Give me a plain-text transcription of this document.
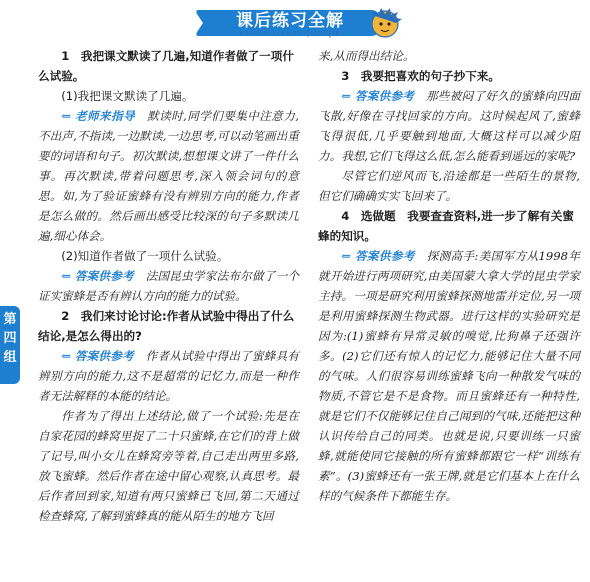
课后练习全解
KEHOU LIANXI QUANJIE
第
四
组

1　我把课文默读了几遍,知道作者做了一项什么试验。

(1)我把课文默读了几遍。

⇐ 老师来指导　 默读时,同学们要集中注意力,不出声,不指读,一边默读,一边思考,可以动笔画出重要的词语和句子。初次默读,想想课文讲了一件什么事。再次默读,带着问题思考,深入领会词句的意思。如,为了验证蜜蜂有没有辨别方向的能力,作者是怎么做的。然后画出感受比较深的句子多默读几遍,细心体会。

(2)知道作者做了一项什么试验。

⇐ 答案供参考　 法国昆虫学家法布尔做了一个证实蜜蜂是否有辨认方向的能力的试验。

2　我们来讨论讨论:作者从试验中得出了什么结论,是怎么得出的?

⇐ 答案供参考　 作者从试验中得出了蜜蜂具有辨别方向的能力,这不是超常的记忆力,而是一种作者无法解释的本能的结论。

作者为了得出上述结论,做了一个试验:先是在自家花园的蜂窝里捉了二十只蜜蜂,在它们的背上做了记号,叫小女儿在蜂窝旁等着,自己走出两里多路,放飞蜜蜂。然后作者在途中留心观察,认真思考。最后作者回到家,知道有两只蜜蜂已飞回,第二天通过检查蜂窝,了解到蜜蜂真的能从陌生的地方飞回

来,从而得出结论。

3　我要把喜欢的句子抄下来。

⇐ 答案供参考　 那些被闷了好久的蜜蜂向四面飞散,好像在寻找回家的方向。这时候起风了,蜜蜂飞得很低,几乎要触到地面,大概这样可以减少阻力。我想,它们飞得这么低,怎么能看到遥远的家呢?

尽管它们逆风而飞,沿途都是一些陌生的景物,但它们确确实实飞回来了。

4　选做题　我要查查资料,进一步了解有关蜜蜂的知识。

⇐ 答案供参考　 探测高手:美国军方从1998年就开始进行两项研究,由美国蒙大拿大学的昆虫学家主持。一项是研究利用蜜蜂探测地雷并定位,另一项是利用蜜蜂探测生物武器。进行这样的实验研究是因为:(1)蜜蜂有异常灵敏的嗅觉,比狗鼻子还强许多。(2)它们还有惊人的记忆力,能够记住大量不同的气味。人们很容易训练蜜蜂飞向一种散发气味的物质,不管它是不是食物。而且蜜蜂还有一种特性,就是它们不仅能够记住自己闻到的气味,还能把这种认识传给自己的同类。也就是说,只要训练一只蜜蜂,就能使同它接触的所有蜜蜂都跟它一样“训练有素”。(3)蜜蜂还有一张王牌,就是它们基本上在什么样的气候条件下都能生存。
